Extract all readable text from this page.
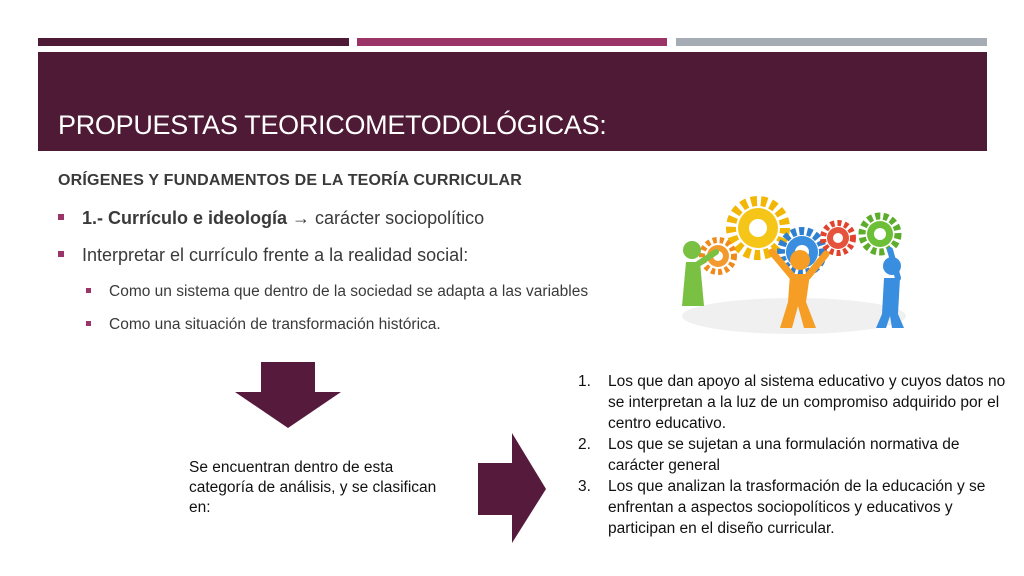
PROPUESTAS TEORICOMETODOLÓGICAS:
ORÍGENES Y FUNDAMENTOS DE LA TEORÍA CURRICULAR
1.- Currículo e ideología → carácter sociopolítico
Interpretar el currículo frente a la realidad social:
Como un sistema que dentro de la sociedad se adapta a las variables
Como una situación de transformación histórica.
Se encuentran dentro de esta categoría de análisis, y se clasifican en:
1. Los que dan apoyo al sistema educativo y cuyos datos no se interpretan a la luz de un compromiso adquirido por el centro educativo.
2. Los que se sujetan a una formulación normativa de carácter general
3. Los que analizan la trasformación de la educación y se enfrentan a aspectos sociopolíticos y educativos y participan en el diseño curricular.
